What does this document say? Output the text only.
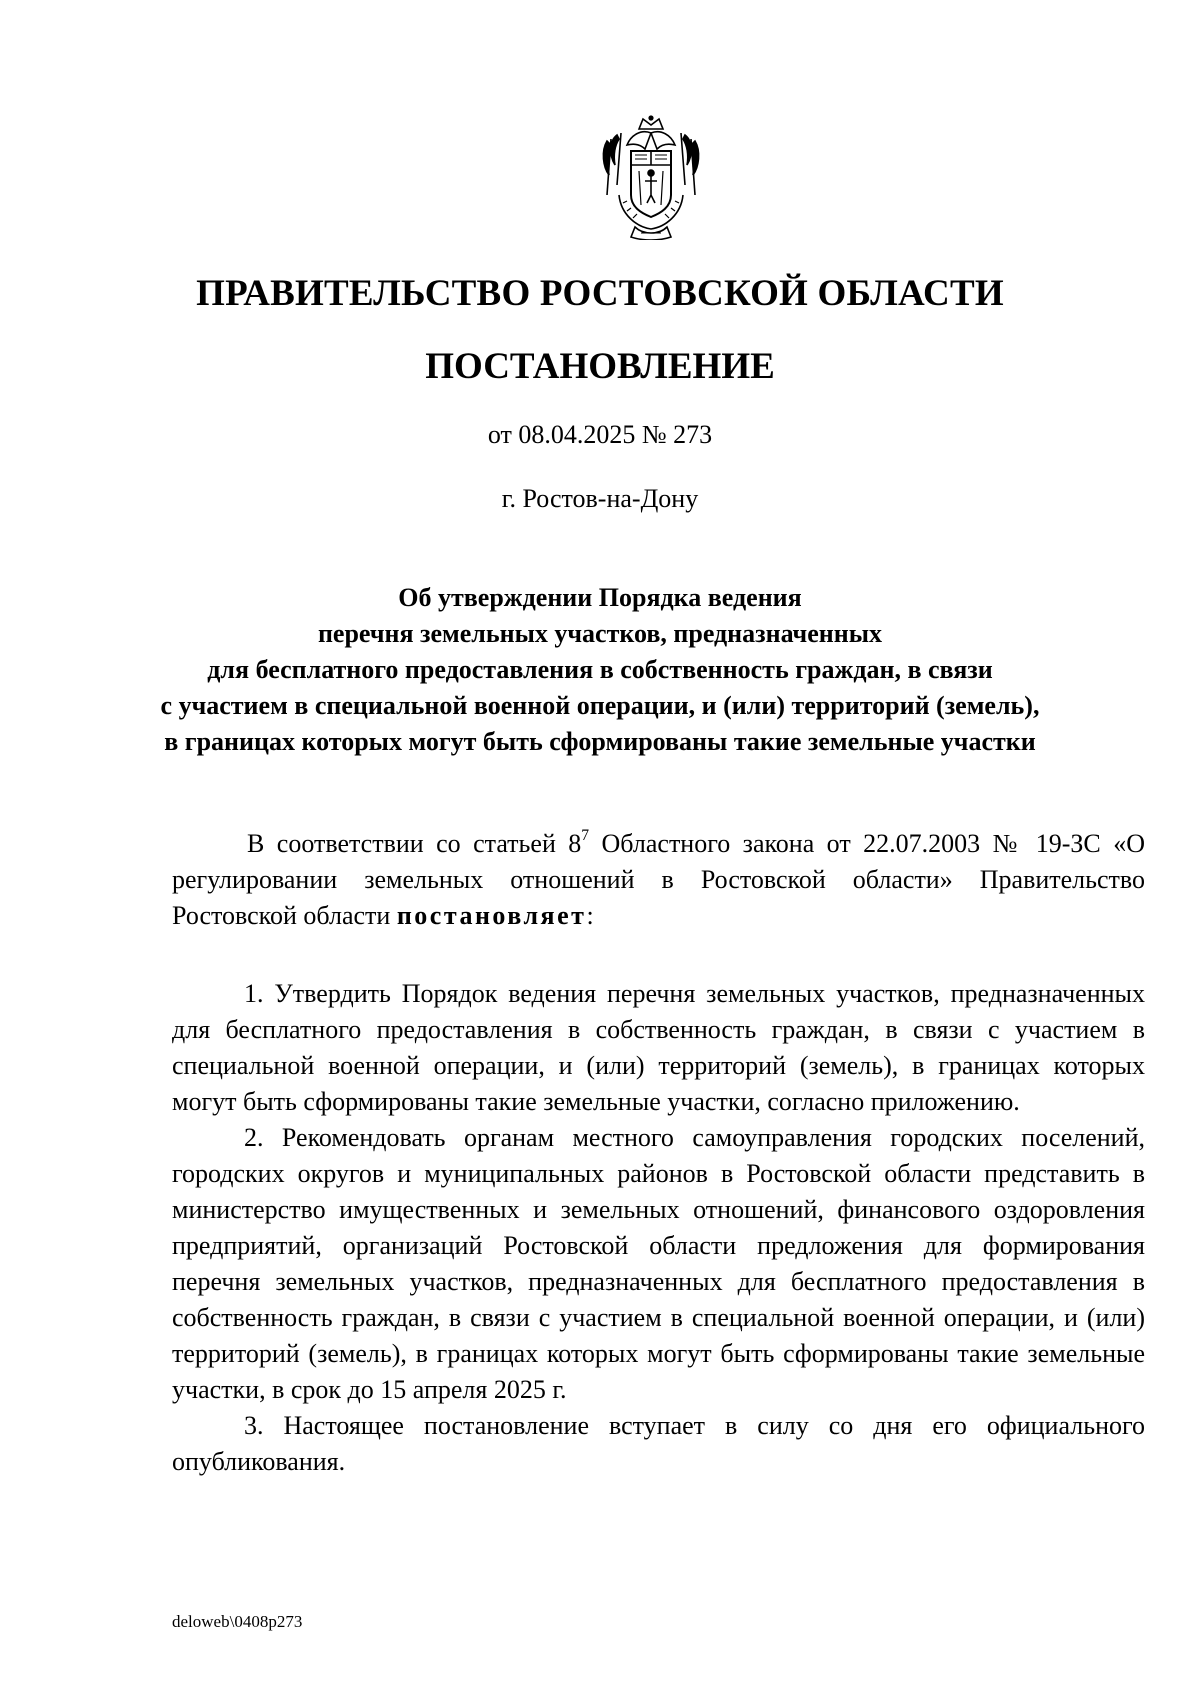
ПРАВИТЕЛЬСТВО РОСТОВСКОЙ ОБЛАСТИ
ПОСТАНОВЛЕНИЕ

от 08.04.2025 № 273

г. Ростов-на-Дону

Об утверждении Порядка ведения
перечня земельных участков, предназначенных
для бесплатного предоставления в собственность граждан, в связи
с участием в специальной военной операции, и (или) территорий (земель),
в границах которых могут быть сформированы такие земельные участки

В соответствии со статьей $8^7$ Областного закона от 22.07.2003 № 19-ЗС «О регулировании земельных отношений в Ростовской области» Правительство Ростовской области постановляет:

1. Утвердить Порядок ведения перечня земельных участков, предназначенных для бесплатного предоставления в собственность граждан, в связи с участием в специальной военной операции, и (или) территорий (земель), в границах которых могут быть сформированы такие земельные участки, согласно приложению.

2. Рекомендовать органам местного самоуправления городских поселений, городских округов и муниципальных районов в Ростовской области представить в министерство имущественных и земельных отношений, финансового оздоровления предприятий, организаций Ростовской области предложения для формирования перечня земельных участков, предназначенных для бесплатного предоставления в собственность граждан, в связи с участием в специальной военной операции, и (или) территорий (земель), в границах которых могут быть сформированы такие земельные участки, в срок до 15 апреля 2025 г.

3. Настоящее постановление вступает в силу со дня его официального опубликования.

deloweb\0408p273
